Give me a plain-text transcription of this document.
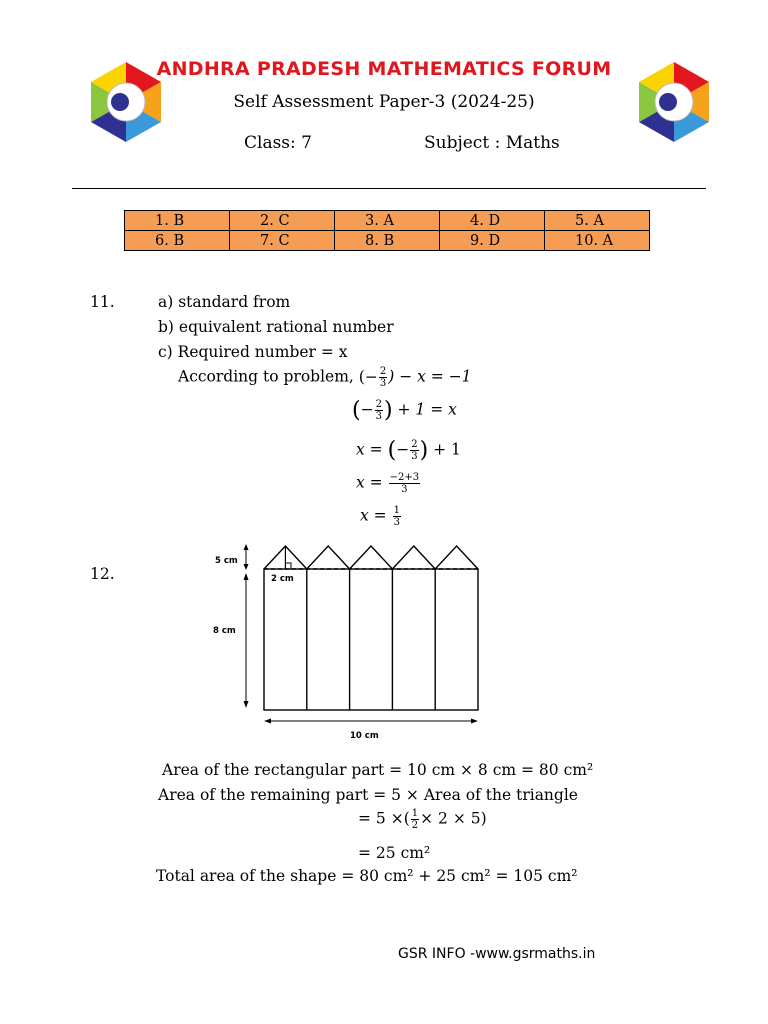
ANDHRA PRADESH MATHEMATICS FORUM
Self Assessment Paper-3 (2024-25)
Class: 7	Subject : Maths
1. B	2. C	3. A	4. D	5. A
6. B	7. C	8. B	9. D	10. A
11.	a) standard from
b) equivalent rational number
c) Required number = x
According to problem, (− $\frac{2}{3}$ ) − x = −1
(− $\frac{2}{3}$ ) + 1 = x
x = (− $\frac{2}{3}$ ) + 1
$x = \frac{-2+3}{3}$
$x = \frac{1}{3}$
12.
5 cm
2 cm
8 cm
10 cm
Area of the rectangular part = 10 cm × 8 cm = 80 cm²
Area of the remaining part = 5 × Area of the triangle
= 5 ×( $\frac{1}{2} \times 2 \times 5$)
= 25 cm²
Total area of the shape = 80 cm² + 25 cm² = 105 cm²
GSR INFO -www.gsrmaths.in
